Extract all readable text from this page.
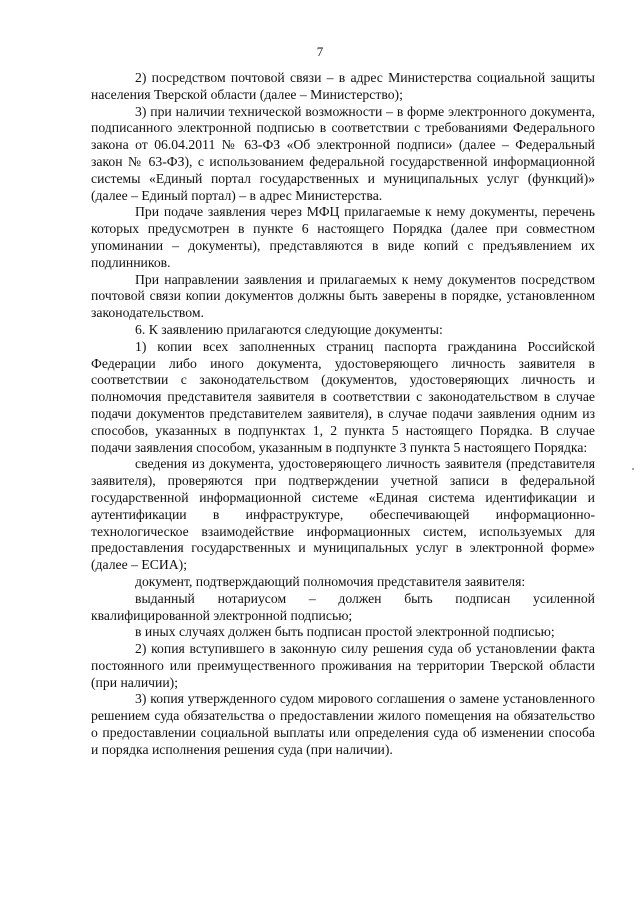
7

2) посредством почтовой связи – в адрес Министерства социальной защиты населения Тверской области (далее – Министерство);

3) при наличии технической возможности – в форме электронного документа, подписанного электронной подписью в соответствии с требованиями Федерального закона от 06.04.2011 № 63-ФЗ «Об электронной подписи» (далее – Федеральный закон № 63-ФЗ), с использованием федеральной государственной информационной системы «Единый портал государственных и муниципальных услуг (функций)» (далее – Единый портал) – в адрес Министерства.

При подаче заявления через МФЦ прилагаемые к нему документы, перечень которых предусмотрен в пункте 6 настоящего Порядка (далее при совместном упоминании – документы), представляются в виде копий с предъявлением их подлинников.

При направлении заявления и прилагаемых к нему документов посредством почтовой связи копии документов должны быть заверены в порядке, установленном законодательством.

6. К заявлению прилагаются следующие документы:

1) копии всех заполненных страниц паспорта гражданина Российской Федерации либо иного документа, удостоверяющего личность заявителя в соответствии с законодательством (документов, удостоверяющих личность и полномочия представителя заявителя в соответствии с законодательством в случае подачи документов представителем заявителя), в случае подачи заявления одним из способов, указанных в подпунктах 1, 2 пункта 5 настоящего Порядка. В случае подачи заявления способом, указанным в подпункте 3 пункта 5 настоящего Порядка:

сведения из документа, удостоверяющего личность заявителя (представителя заявителя), проверяются при подтверждении учетной записи в федеральной государственной информационной системе «Единая система идентификации и аутентификации в инфраструктуре, обеспечивающей информационно-технологическое взаимодействие информационных систем, используемых для предоставления государственных и муниципальных услуг в электронной форме» (далее – ЕСИА);

документ, подтверждающий полномочия представителя заявителя:

выданный нотариусом – должен быть подписан усиленной квалифицированной электронной подписью;

в иных случаях должен быть подписан простой электронной подписью;

2) копия вступившего в законную силу решения суда об установлении факта постоянного или преимущественного проживания на территории Тверской области (при наличии);

3) копия утвержденного судом мирового соглашения о замене установленного решением суда обязательства о предоставлении жилого помещения на обязательство о предоставлении социальной выплаты или определения суда об изменении способа и порядка исполнения решения суда (при наличии).
